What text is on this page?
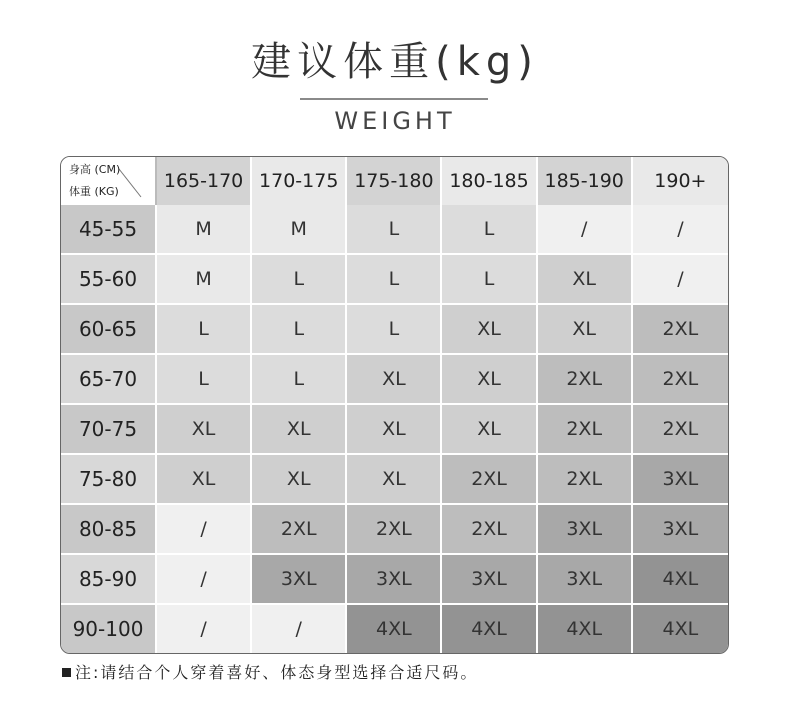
建议体重(kg)
WEIGHT
身高 (CM)
体重 (KG)	165-170	170-175	175-180	180-185	185-190	190+
45-55	M	M	L	L	/	/
55-60	M	L	L	L	XL	/
60-65	L	L	L	XL	XL	2XL
65-70	L	L	XL	XL	2XL	2XL
70-75	XL	XL	XL	XL	2XL	2XL
75-80	XL	XL	XL	2XL	2XL	3XL
80-85	/	2XL	2XL	2XL	3XL	3XL
85-90	/	3XL	3XL	3XL	3XL	4XL
90-100	/	/	4XL	4XL	4XL	4XL
注:请结合个人穿着喜好、体态身型选择合适尺码。
